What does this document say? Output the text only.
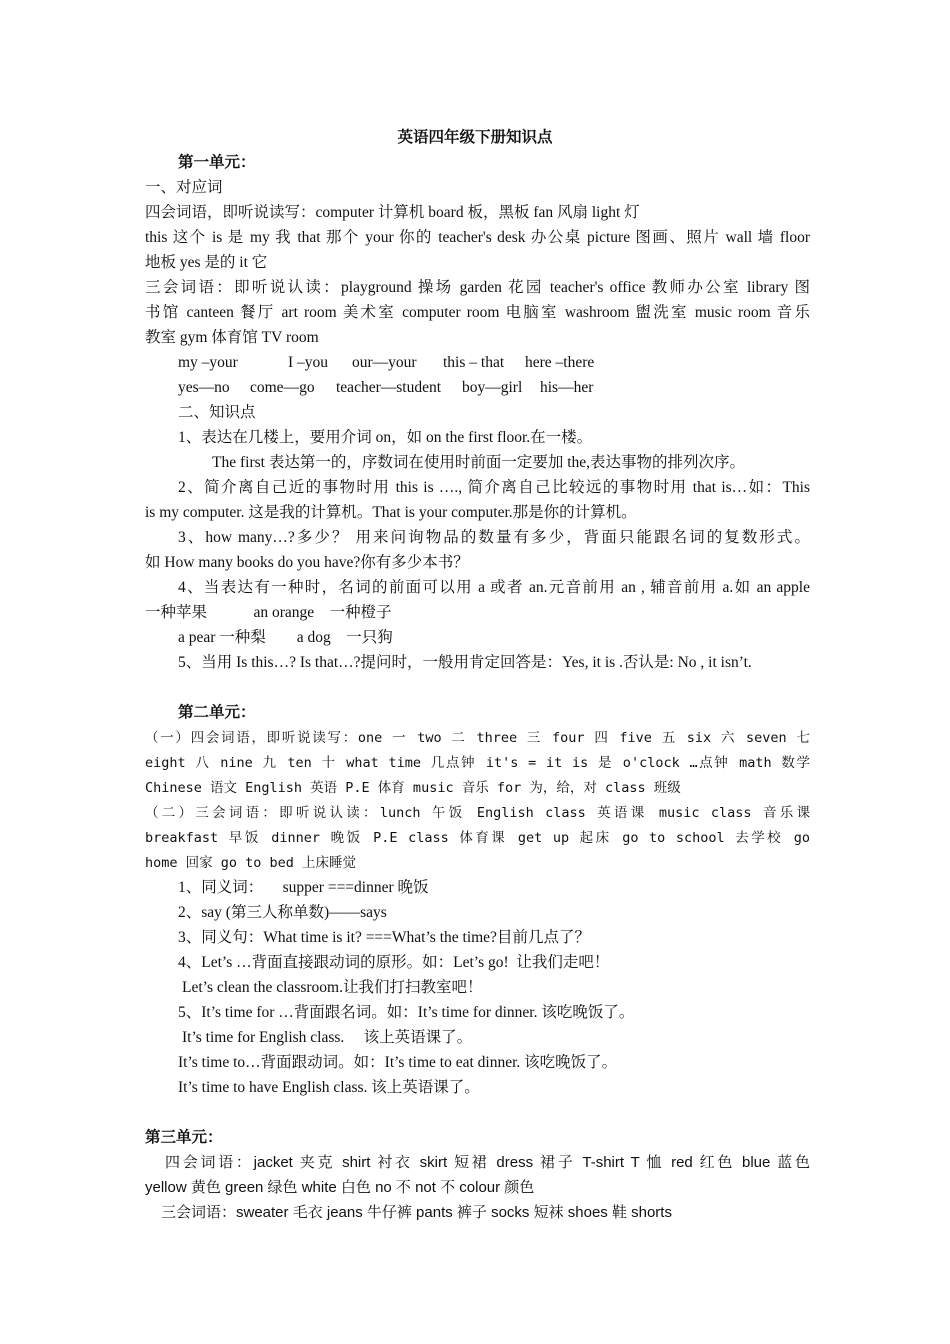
英语四年级下册知识点
第一单元：
一、对应词
四会词语，即听说读写：computer 计算机 board 板，黑板 fan 风扇 light 灯
this 这个 is 是 my 我 that 那个 your 你的 teacher's desk 办公桌 picture 图画、照片 wall 墙 floor
地板 yes 是的 it 它
三会词语：即听说认读：playground 操场 garden 花园 teacher's office 教师办公室 library 图
书馆 canteen 餐厅 art room 美术室 computer room 电脑室 washroom 盥洗室 music room 音乐
教室 gym 体育馆 TV room
my –your	I –you our—your this – that here –there
yes—no come—go teacher—student boy—girl his—her
二、知识点
1、表达在几楼上，要用介词 on，如 on the first floor.在一楼。
The first 表达第一的，序数词在使用时前面一定要加 the,表达事物的排列次序。
2、简介离自己近的事物时用 this is …., 简介离自己比较远的事物时用 that is…如：This
is my computer. 这是我的计算机。That is your computer.那是你的计算机。
3、how many…?多少？ 用来问询物品的数量有多少，背面只能跟名词的复数形式。
如 How many books do you have?你有多少本书？
4、当表达有一种时，名词的前面可以用 a 或者 an.元音前用 an , 辅音前用 a.如 an apple
一种苹果            an orange    一种橙子
a pear 一种梨        a dog    一只狗
5、当用 Is this…? Is that…?提问时，一般用肯定回答是：Yes, it is .否认是: No , it isn’t.
第二单元：
（一）四会词语，即听说读写：one 一 two 二 three 三 four 四 five 五 six 六 seven 七
eight 八 nine 九 ten 十 what time 几点钟 it's = it is 是 o'clock …点钟 math 数学
Chinese 语文 English 英语 P.E 体育 music 音乐 for 为，给，对 class 班级
（二）三会词语：即听说认读：lunch 午饭 English class 英语课 music class 音乐课
breakfast 早饭 dinner 晚饭 P.E class 体育课 get up 起床 go to school 去学校 go
home 回家 go to bed 上床睡觉
1、同义词：     supper ===dinner 晚饭
2、say (第三人称单数)——says
3、同义句：What time is it? ===What’s the time?目前几点了？
4、Let’s …背面直接跟动词的原形。如：Let’s go!  让我们走吧！
Let’s clean the classroom.让我们打扫教室吧！
5、It’s time for …背面跟名词。如：It’s time for dinner. 该吃晚饭了。
It’s time for English class.     该上英语课了。
It’s time to…背面跟动词。如：It’s time to eat dinner. 该吃晚饭了。
It’s time to have English class. 该上英语课了。
第三单元：
四会词语：jacket 夹克 shirt 衬衣 skirt 短裙 dress 裙子 T-shirt T 恤 red 红色 blue 蓝色
yellow 黄色 green 绿色 white 白色 no 不 not 不 colour 颜色
三会词语：sweater 毛衣 jeans 牛仔裤 pants 裤子 socks 短袜 shoes 鞋 shorts
